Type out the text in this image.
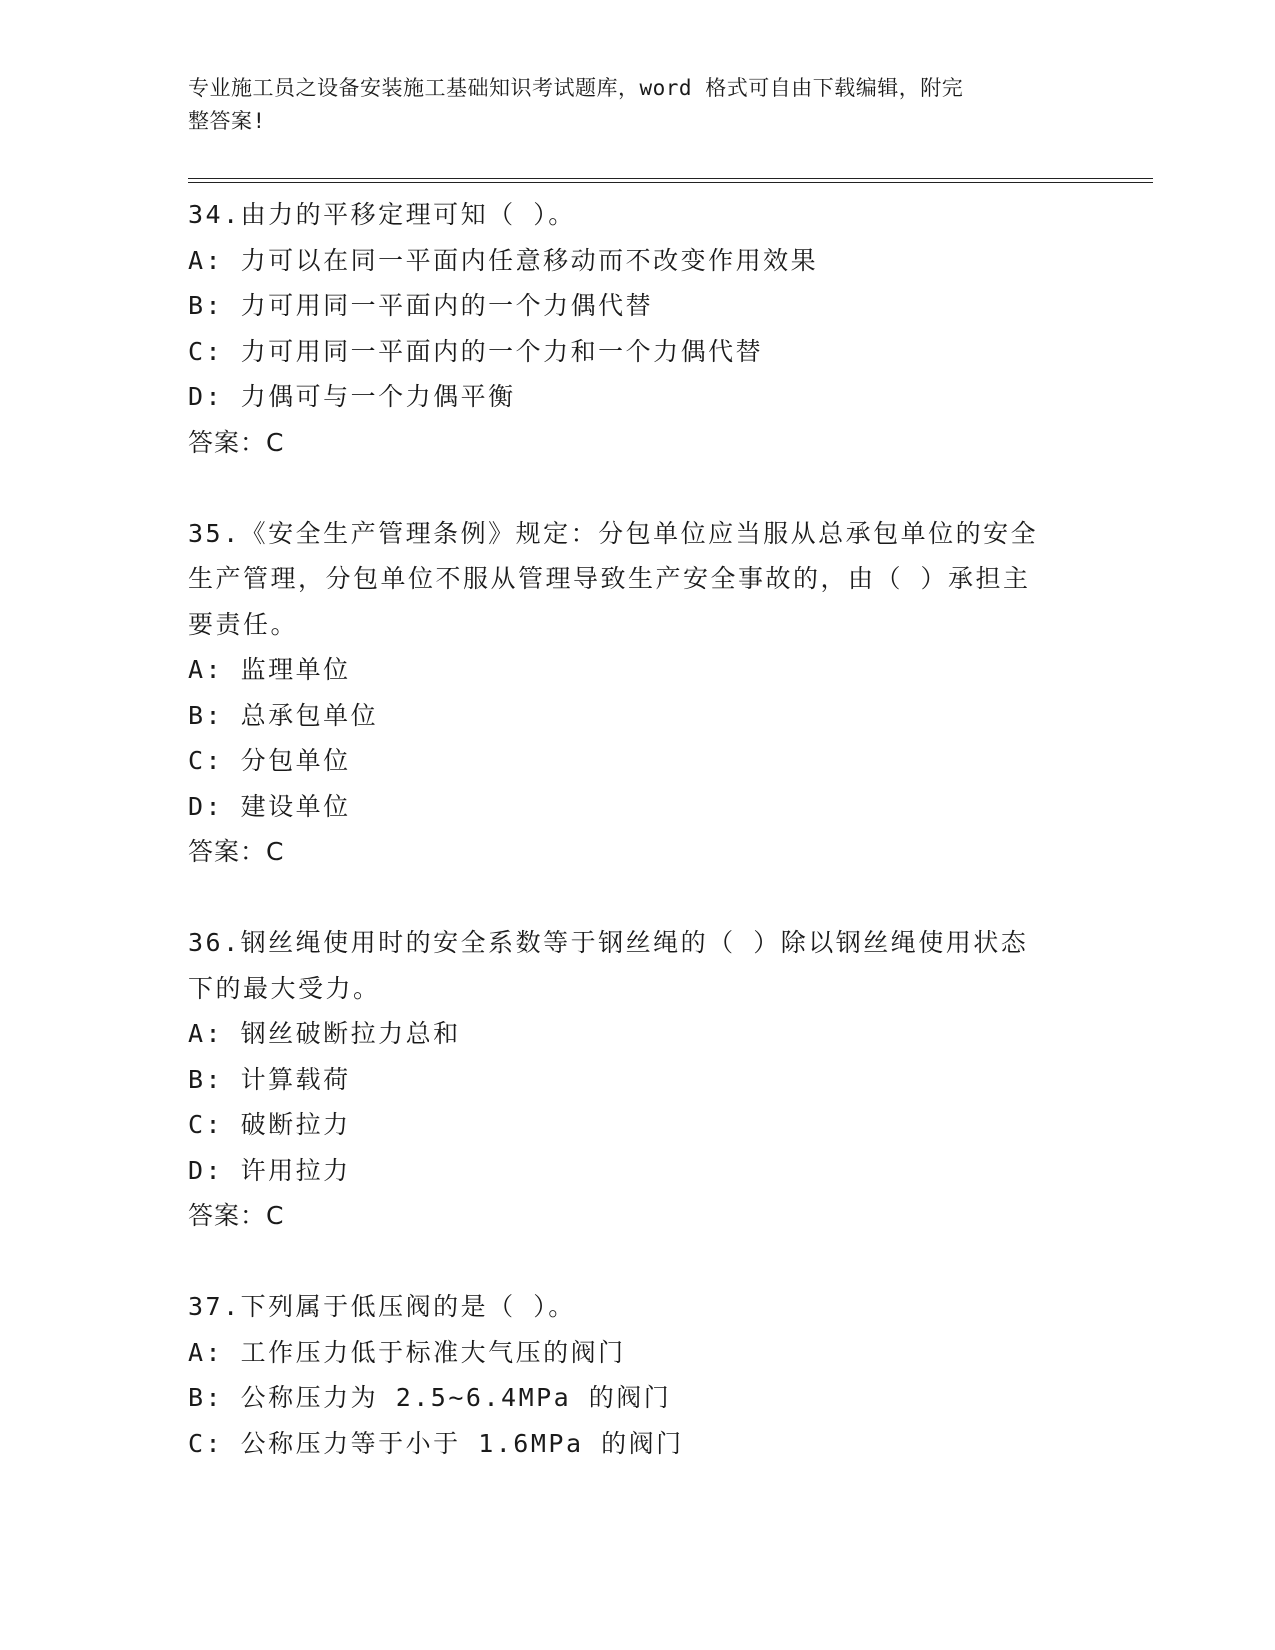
专业施工员之设备安装施工基础知识考试题库，word 格式可自由下载编辑，附完
整答案!
34.由力的平移定理可知（ ）。
A: 力可以在同一平面内任意移动而不改变作用效果
B: 力可用同一平面内的一个力偶代替
C: 力可用同一平面内的一个力和一个力偶代替
D: 力偶可与一个力偶平衡
答案：C
35.《安全生产管理条例》规定：分包单位应当服从总承包单位的安全
生产管理，分包单位不服从管理导致生产安全事故的，由（ ）承担主
要责任。
A: 监理单位
B: 总承包单位
C: 分包单位
D: 建设单位
答案：C
36.钢丝绳使用时的安全系数等于钢丝绳的（ ）除以钢丝绳使用状态
下的最大受力。
A: 钢丝破断拉力总和
B: 计算载荷
C: 破断拉力
D: 许用拉力
答案：C
37.下列属于低压阀的是（ ）。
A: 工作压力低于标准大气压的阀门
B: 公称压力为 2.5~6.4MPa 的阀门
C: 公称压力等于小于 1.6MPa 的阀门
